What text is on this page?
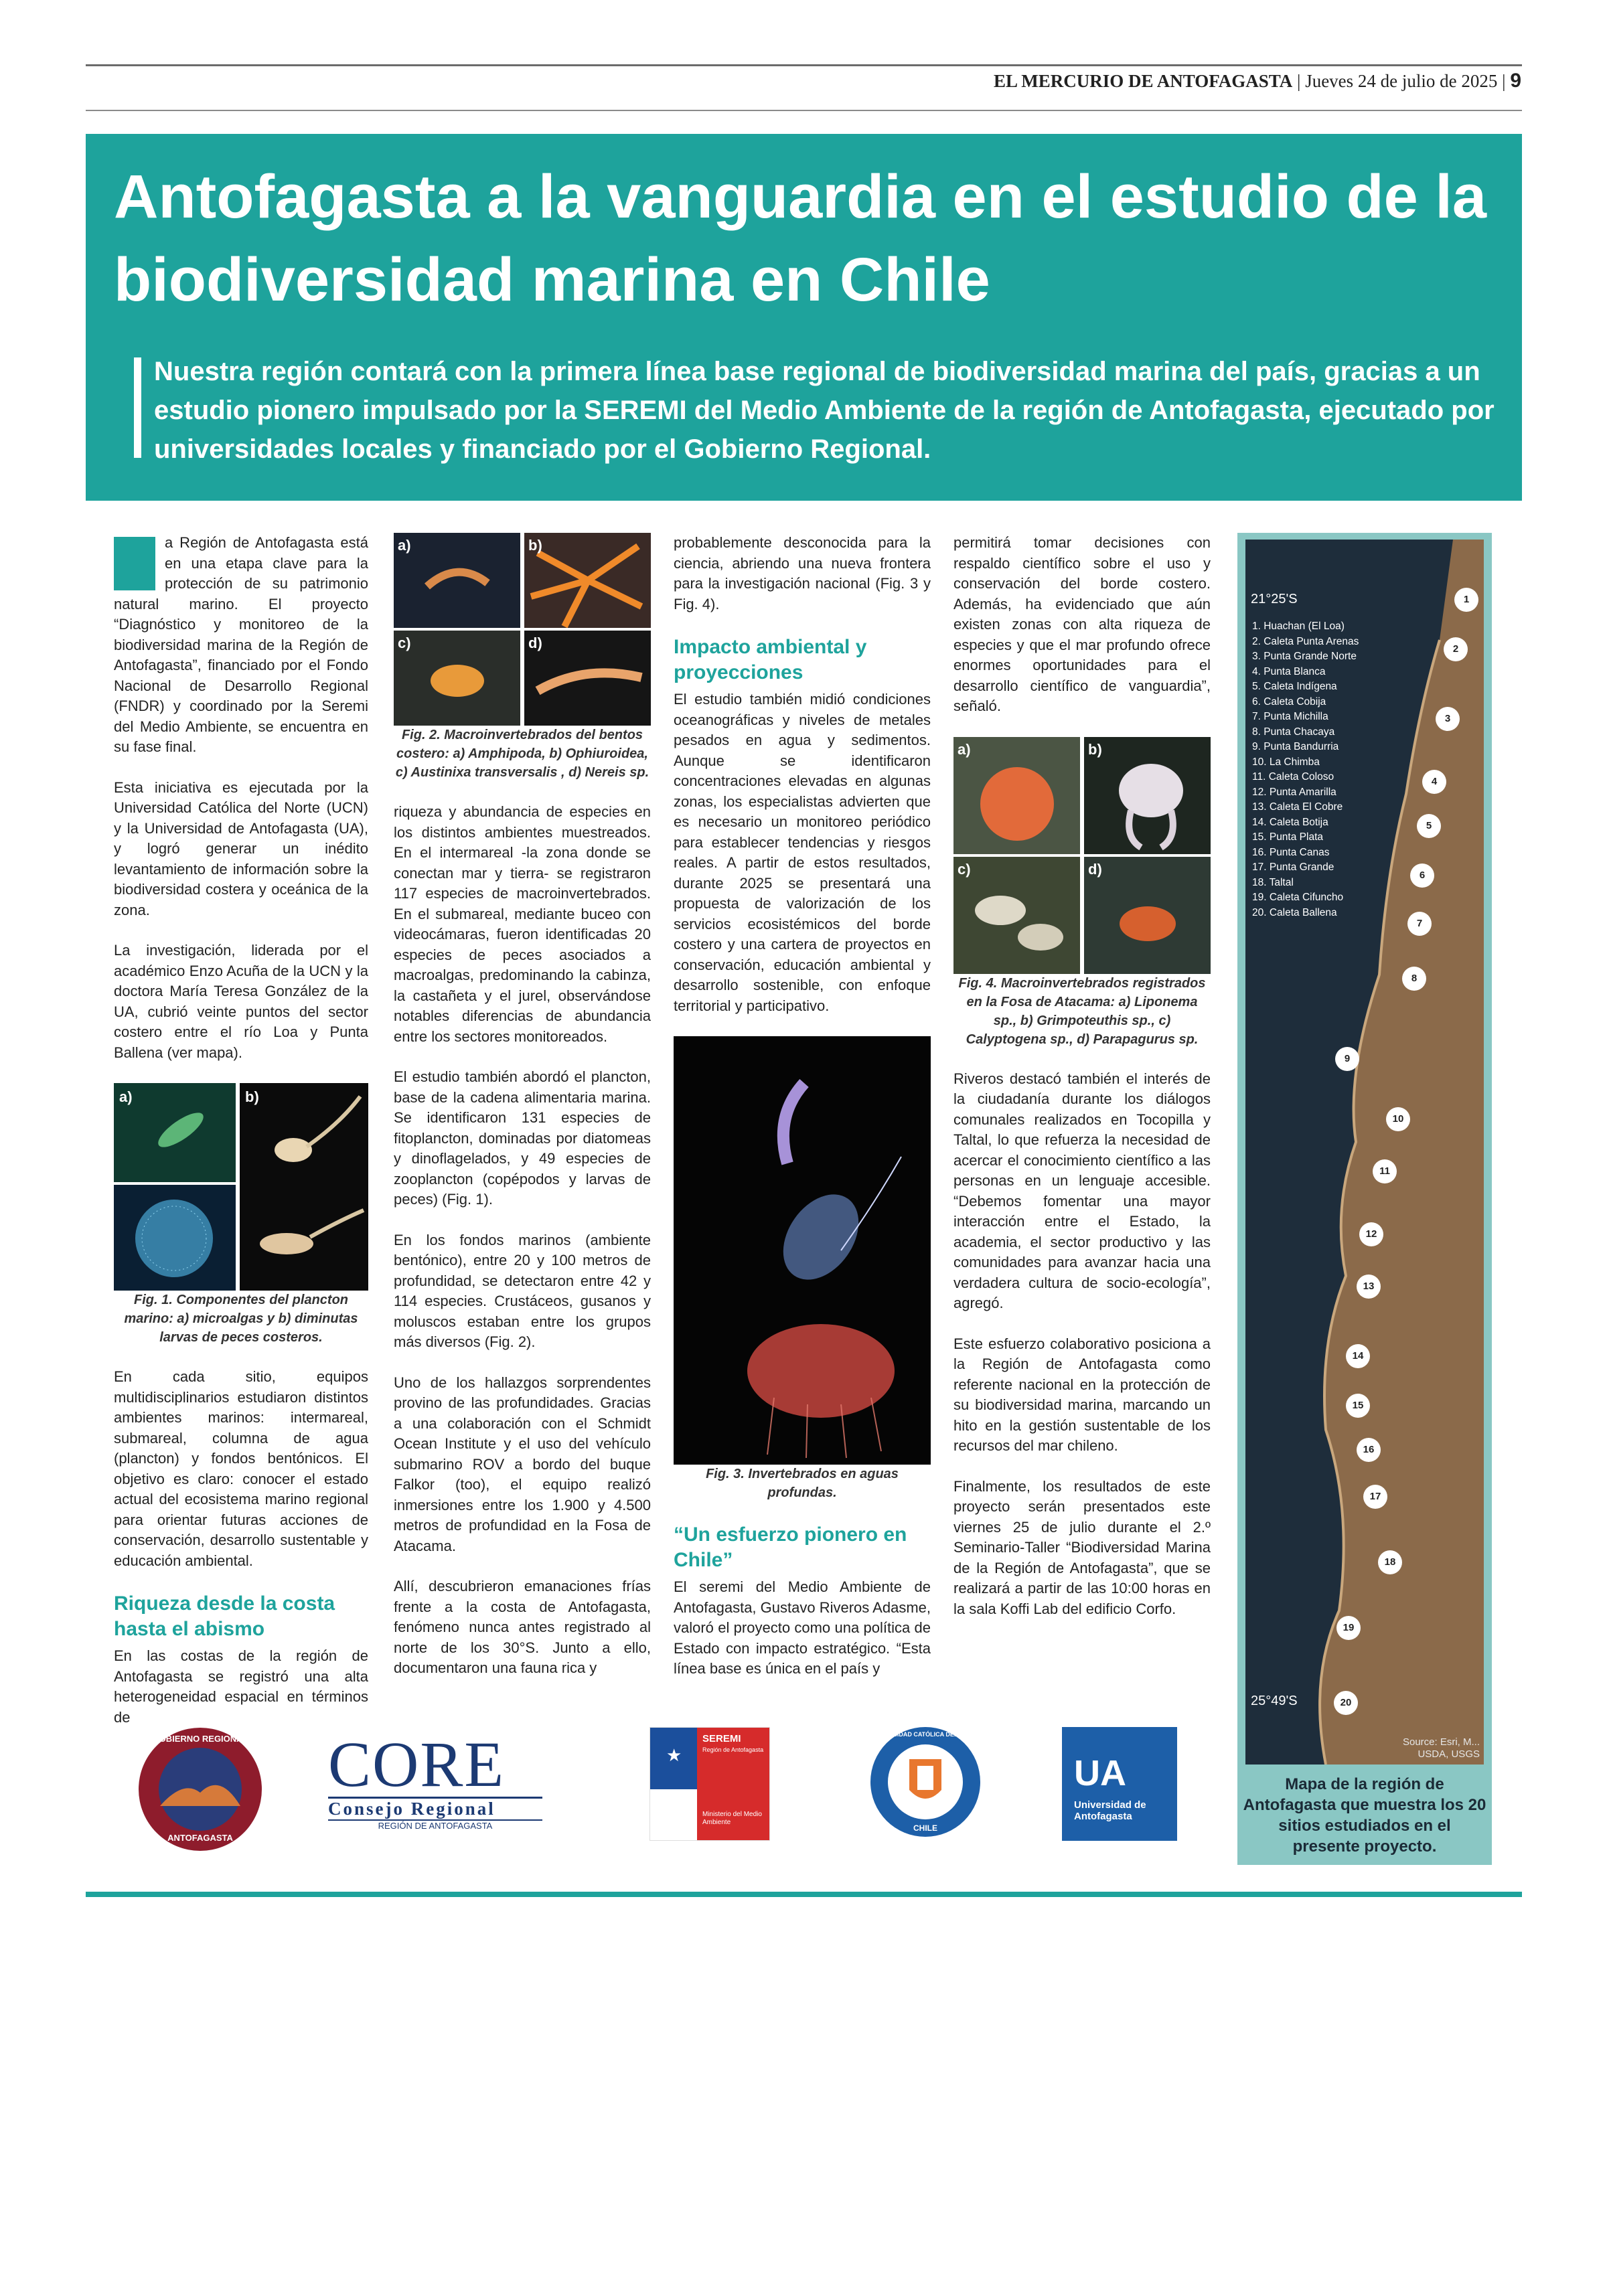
EL MERCURIO DE ANTOFAGASTA | Jueves 24 de julio de 2025 | 9
Antofagasta a la vanguardia en el estudio de la biodiversidad marina en Chile
Nuestra región contará con la primera línea base regional de biodiversidad marina del país, gracias a un estudio pionero impulsado por la SEREMI del Medio Ambiente de la región de Antofagasta, ejecutado por universidades locales y financiado por el Gobierno Regional.

a Región de Antofagasta está en una etapa clave para la protección de su patrimonio natural marino. El proyecto “Diagnóstico y monitoreo de la biodiversidad marina de la Región de Antofagasta”, financiado por el Fondo Nacional de Desarrollo Regional (FNDR) y coordinado por la Seremi del Medio Ambiente, se encuentra en su fase final.

Esta iniciativa es ejecutada por la Universidad Católica del Norte (UCN) y la Universidad de Antofagasta (UA), y logró generar un inédito levantamiento de información sobre la biodiversidad costera y oceánica de la zona.

La investigación, liderada por el académico Enzo Acuña de la UCN y la doctora María Teresa González de la UA, cubrió veinte puntos del sector costero entre el río Loa y Punta Ballena (ver mapa).

a)	b)

Fig. 1. Componentes del plancton marino: a) microalgas y b) diminutas larvas de peces costeros.

En cada sitio, equipos multidisciplinarios estudiaron distintos ambientes marinos: intermareal, submareal, columna de agua (plancton) y fondos bentónicos. El objetivo es claro: conocer el estado actual del ecosistema marino regional para orientar futuras acciones de conservación, desarrollo sustentable y educación ambiental.

Riqueza desde la costa hasta el abismo

En las costas de la región de Antofagasta se registró una alta heterogeneidad espacial en términos de

a)	b)
c)	d)

Fig. 2. Macroinvertebrados del bentos costero: a) Amphipoda, b) Ophiuroidea, c) Austinixa transversalis , d) Nereis sp.

riqueza y abundancia de especies en los distintos ambientes muestreados. En el intermareal -la zona donde se conectan mar y tierra- se registraron 117 especies de macroinvertebrados. En el submareal, mediante buceo con videocámaras, fueron identificadas 20 especies de peces asociados a macroalgas, predominando la cabinza, la castañeta y el jurel, observándose notables diferencias de abundancia entre los sectores monitoreados.

El estudio también abordó el plancton, base de la cadena alimentaria marina. Se identificaron 131 especies de fitoplancton, dominadas por diatomeas y dinoflagelados, y 49 especies de zooplancton (copépodos y larvas de peces) (Fig. 1).

En los fondos marinos (ambiente bentónico), entre 20 y 100 metros de profundidad, se detectaron entre 42 y 114 especies. Crustáceos, gusanos y moluscos estaban entre los grupos más diversos (Fig. 2).

Uno de los hallazgos sorprendentes provino de las profundidades. Gracias a una colaboración con el Schmidt Ocean Institute y el uso del vehículo submarino ROV a bordo del buque Falkor (too), el equipo realizó inmersiones entre los 1.900 y 4.500 metros de profundidad en la Fosa de Atacama.

Allí, descubrieron emanaciones frías frente a la costa de Antofagasta, fenómeno nunca antes registrado al norte de los 30°S. Junto a ello, documentaron una fauna rica y

probablemente desconocida para la ciencia, abriendo una nueva frontera para la investigación nacional (Fig. 3 y Fig. 4).

Impacto ambiental y proyecciones

El estudio también midió condiciones oceanográficas y niveles de metales pesados en agua y sedimentos. Aunque se identificaron concentraciones elevadas en algunas zonas, los especialistas advierten que es necesario un monitoreo periódico para establecer tendencias y riesgos reales. A partir de estos resultados, durante 2025 se presentará una propuesta de valorización de los servicios ecosistémicos del borde costero y una cartera de proyectos en conservación, educación ambiental y desarrollo sostenible, con enfoque territorial y participativo.

Fig. 3. Invertebrados en aguas profundas.

“Un esfuerzo pionero en Chile”

El seremi del Medio Ambiente de Antofagasta, Gustavo Riveros Adasme, valoró el proyecto como una política de Estado con impacto estratégico. “Esta línea base es única en el país y

permitirá tomar decisiones con respaldo científico sobre el uso y conservación del borde costero. Además, ha evidenciado que aún existen zonas con alta riqueza de especies y que el mar profundo ofrece enormes oportunidades para el desarrollo científico de vanguardia”, señaló.

a)	b)
c)	d)

Fig. 4. Macroinvertebrados registrados en la Fosa de Atacama: a) Liponema sp., b) Grimpoteuthis sp., c) Calyptogena sp., d) Parapagurus sp.

Riveros destacó también el interés de la ciudadanía durante los diálogos comunales realizados en Tocopilla y Taltal, lo que refuerza la necesidad de acercar el conocimiento científico a las personas en un lenguaje accesible. “Debemos fomentar una mayor interacción entre el Estado, la academia, el sector productivo y las comunidades para avanzar hacia una verdadera cultura de socio-ecología”, agregó.

Este esfuerzo colaborativo posiciona a la Región de Antofagasta como referente nacional en la protección de su biodiversidad marina, marcando un hito en la gestión sustentable de los recursos del mar chileno.

Finalmente, los resultados de este proyecto serán presentados este viernes 25 de julio durante el 2.º Seminario-Taller “Biodiversidad Marina de la Región de Antofagasta”, que se realizará a partir de las 10:00 horas en la sala Koffi Lab del edificio Corfo.

21°25'S
1. Huachan (El Loa)
2. Caleta Punta Arenas
3. Punta Grande Norte
4. Punta Blanca
5. Caleta Indígena
6. Caleta Cobija
7. Punta Michilla
8. Punta Chacaya
9. Punta Bandurria
10. La Chimba
11. Caleta Coloso
12. Punta Amarilla
13. Caleta El Cobre
14. Caleta Botija
15. Punta Plata
16. Punta Canas
17. Punta Grande
18. Taltal
19. Caleta Cifuncho
20. Caleta Ballena
1
2
3
4
5
6
7
8
9
10
11
12
13
14
15
16
17
18
19
20
25°49'S
Source: Esri, M... USDA, USGS
Mapa de la región de Antofagasta que muestra los 20 sitios estudiados en el presente proyecto.
GOBIERNO REGIONAL
ANTOFAGASTA
CORE
Consejo Regional
REGIÓN DE ANTOFAGASTA
★
SEREMI
Región de Antofagasta
Ministerio del Medio Ambiente
UNIVERSIDAD CATÓLICA DEL NORTE
CHILE
UA
Universidad de Antofagasta
